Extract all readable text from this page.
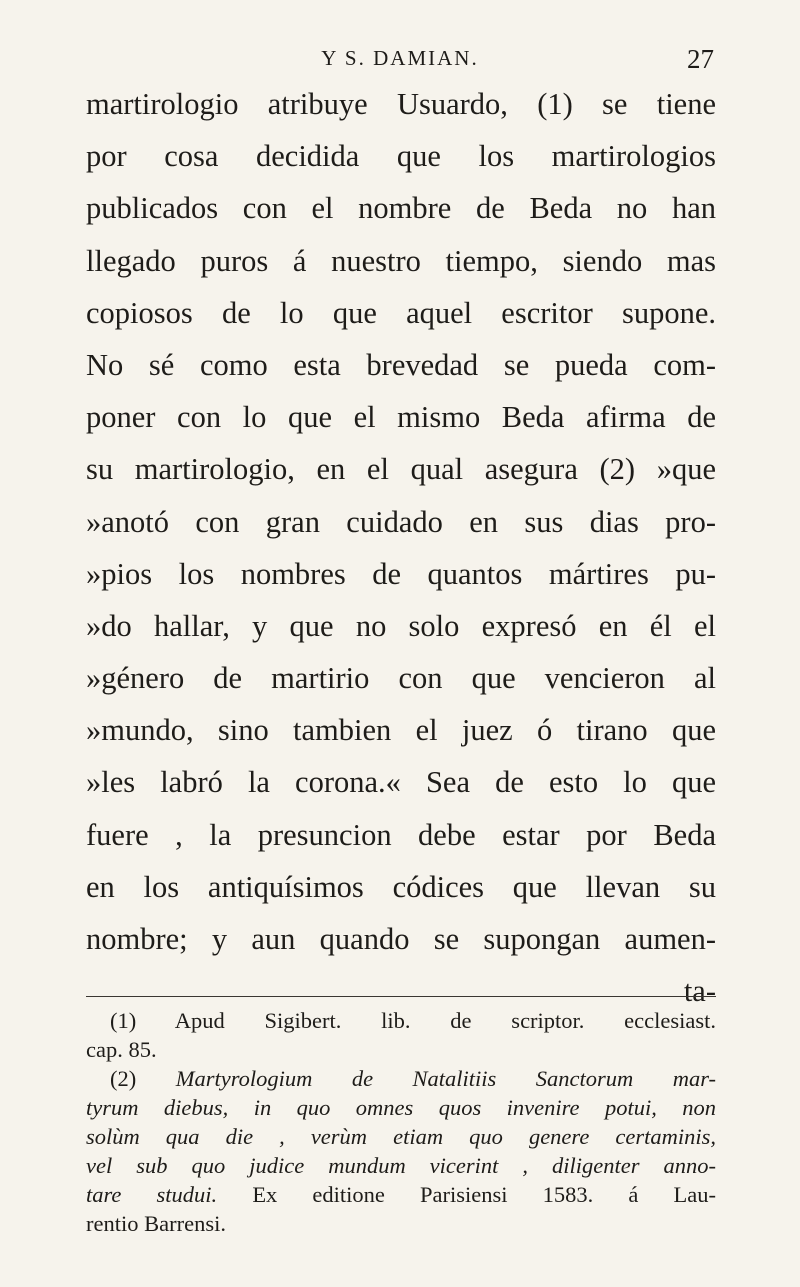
Y S. DAMIAN.	27
martirologio atribuye Usuardo, (1) se tiene
por cosa decidida que los martirologios
publicados con el nombre de Beda no han
llegado puros á nuestro tiempo, siendo mas
copiosos de lo que aquel escritor supone.
No sé como esta brevedad se pueda com-
poner con lo que el mismo Beda afirma de
su martirologio, en el qual asegura (2) »que
»anotó con gran cuidado en sus dias pro-
»pios los nombres de quantos mártires pu-
»do hallar, y que no solo expresó en él el
»género de martirio con que vencieron al
»mundo, sino tambien el juez ó tirano que
»les labró la corona.« Sea de esto lo que
fuere , la presuncion debe estar por Beda
en los antiquísimos códices que llevan su
nombre; y aun quando se supongan aumen-
ta-
(1) Apud Sigibert. lib. de scriptor. ecclesiast.
cap. 85.
(2) Martyrologium de Natalitiis Sanctorum mar-
tyrum diebus, in quo omnes quos invenire potui, non
solùm qua die , verùm etiam quo genere certaminis,
vel sub quo judice mundum vicerint , diligenter anno-
tare studui. Ex editione Parisiensi 1583. á Lau-
rentio Barrensi.
